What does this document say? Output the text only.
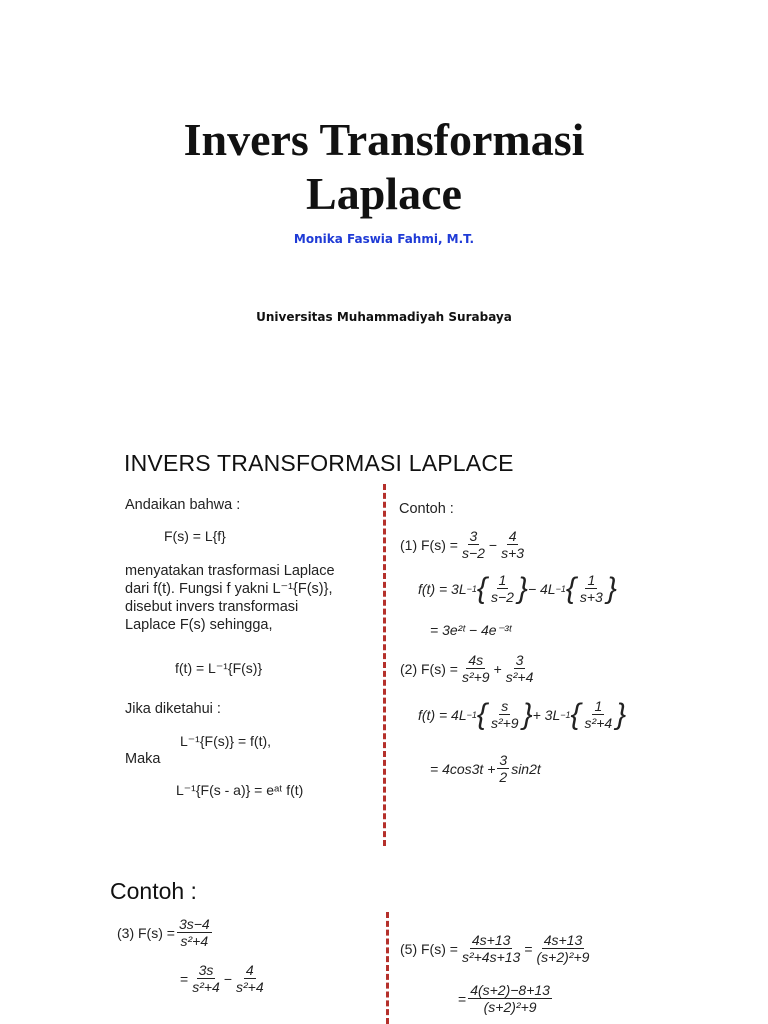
Invers Transformasi
Laplace
Monika Faswia Fahmi, M.T.
Universitas Muhammadiyah Surabaya
INVERS TRANSFORMASI LAPLACE
Andaikan bahwa :
F(s) = L{f}
menyatakan trasformasi Laplace
dari f(t). Fungsi f yakni L⁻¹{F(s)},
disebut invers transformasi
Laplace F(s) sehingga,
f(t) = L⁻¹{F(s)}
Jika diketahui :
L⁻¹{F(s)} = f(t),
Maka
L⁻¹{F(s - a)} = eᵃᵗ f(t)
Contoh :
(1) $F(s) = \frac{3}{s-2} - \frac{4}{s+3}$
f(t) = 3L −1 { $\frac{1}{s-2}$ } − 4L −1 { $\frac{1}{s+3}$ }
= 3e²ᵗ − 4e⁻³ᵗ
(2) $F(s) = \frac{4s}{\text{s²+9}} + \frac{3}{\text{s²+4}}$
f(t) = 4L −1 { $\frac{s}{\text{s²+9}}$ } + 3L −1 { $\frac{1}{\text{s²+4}}$ }
= $4\cos 3t + \frac{3}{2} \sin 2t$
Contoh :
(3) $F(s) = \frac{3s-4}{\text{s²+4}}$
= $\frac{3s}{\text{s²+4}} - \frac{4}{\text{s²+4}}$
(5) $F(s) = \frac{4s+13}{\text{s²+4s+13}} = \frac{4s+13}{\text{(s+2)²+9}}$
= $\frac{4(s+2)-8+13}{\text{(s+2)²+9}}$
